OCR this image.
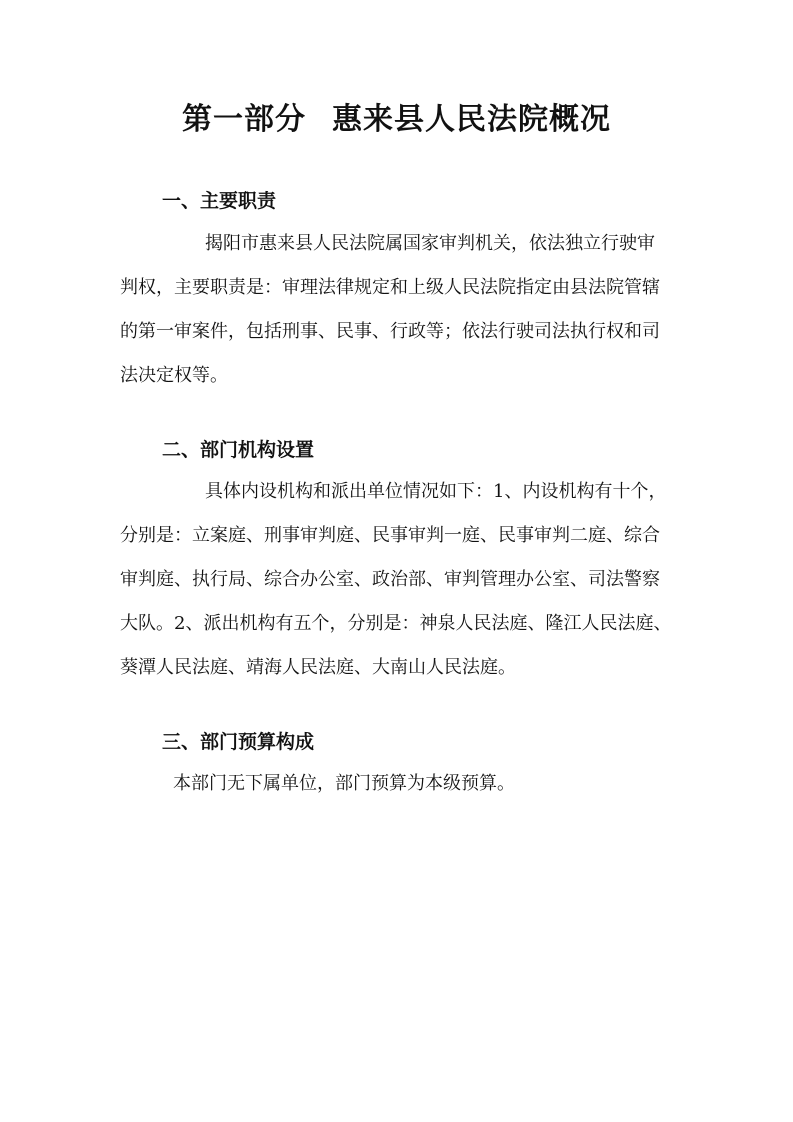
第一部分 惠来县人民法院概况
一、主要职责
揭阳市惠来县人民法院属国家审判机关，依法独立行驶审
判权，主要职责是：审理法律规定和上级人民法院指定由县法院管辖
的第一审案件，包括刑事、民事、行政等；依法行驶司法执行权和司
法决定权等。
二、部门机构设置
具体内设机构和派出单位情况如下：1、内设机构有十个，
分别是：立案庭、刑事审判庭、民事审判一庭、民事审判二庭、综合
审判庭、执行局、综合办公室、政治部、审判管理办公室、司法警察
大队。2、派出机构有五个，分别是：神泉人民法庭、隆江人民法庭、
葵潭人民法庭、靖海人民法庭、大南山人民法庭。
三、部门预算构成
本部门无下属单位，部门预算为本级预算。
